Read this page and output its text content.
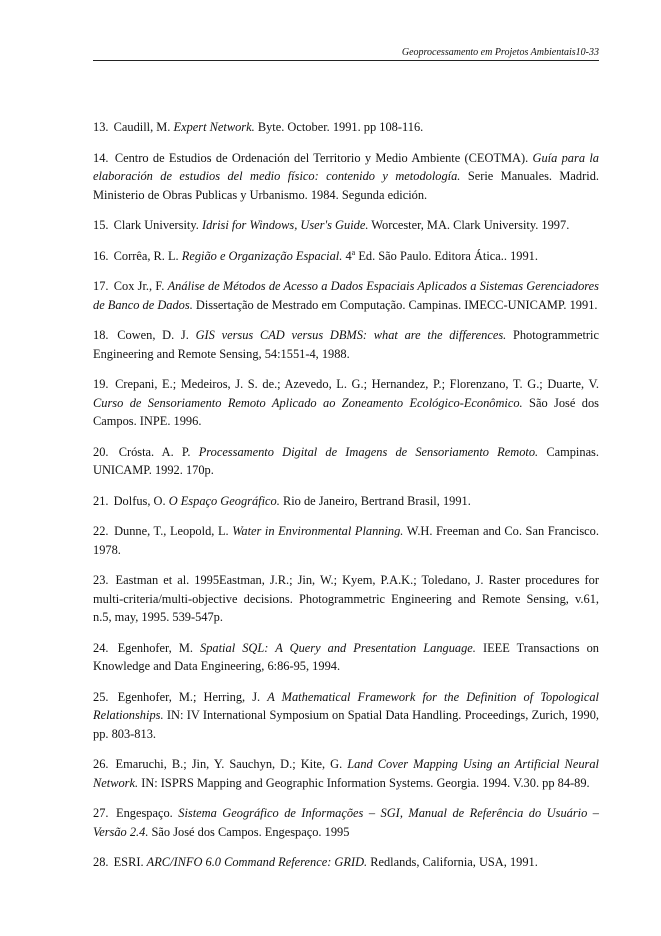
Geoprocessamento em Projetos Ambientais10-33
13. Caudill, M. Expert Network. Byte. October. 1991. pp 108-116.
14. Centro de Estudios de Ordenación del Territorio y Medio Ambiente (CEOTMA). Guía para la elaboración de estudios del medio físico: contenido y metodología. Serie Manuales. Madrid. Ministerio de Obras Publicas y Urbanismo. 1984. Segunda edición.
15. Clark University. Idrisi for Windows, User's Guide. Worcester, MA. Clark University. 1997.
16. Corrêa, R. L. Região e Organização Espacial. 4$^a$ Ed. São Paulo. Editora Ática.. 1991.
17. Cox Jr., F. Análise de Métodos de Acesso a Dados Espaciais Aplicados a Sistemas Gerenciadores de Banco de Dados. Dissertação de Mestrado em Computação. Campinas. IMECC-UNICAMP. 1991.
18. Cowen, D. J. GIS versus CAD versus DBMS: what are the differences. Photogrammetric Engineering and Remote Sensing, 54:1551-4, 1988.
19. Crepani, E.; Medeiros, J. S. de.; Azevedo, L. G.; Hernandez, P.; Florenzano, T. G.; Duarte, V. Curso de Sensoriamento Remoto Aplicado ao Zoneamento Ecológico-Econômico. São José dos Campos. INPE. 1996.
20. Crósta. A. P. Processamento Digital de Imagens de Sensoriamento Remoto. Campinas. UNICAMP. 1992. 170p.
21. Dolfus, O. O Espaço Geográfico. Rio de Janeiro, Bertrand Brasil, 1991.
22. Dunne, T., Leopold, L. Water in Environmental Planning. W.H. Freeman and Co. San Francisco. 1978.
23. Eastman et al. 1995Eastman, J.R.; Jin, W.; Kyem, P.A.K.; Toledano, J. Raster procedures for multi-criteria/multi-objective decisions. Photogrammetric Engineering and Remote Sensing, v.61, n.5, may, 1995. 539-547p.
24. Egenhofer, M. Spatial SQL: A Query and Presentation Language. IEEE Transactions on Knowledge and Data Engineering, 6:86-95, 1994.
25. Egenhofer, M.; Herring, J. A Mathematical Framework for the Definition of Topological Relationships. IN: IV International Symposium on Spatial Data Handling. Proceedings, Zurich, 1990, pp. 803-813.
26. Emaruchi, B.; Jin, Y. Sauchyn, D.; Kite, G. Land Cover Mapping Using an Artificial Neural Network. IN: ISPRS Mapping and Geographic Information Systems. Georgia. 1994. V.30. pp 84-89.
27. Engespaço. Sistema Geográfico de Informações – SGI, Manual de Referência do Usuário – Versão 2.4. São José dos Campos. Engespaço. 1995
28. ESRI. ARC/INFO 6.0 Command Reference: GRID. Redlands, California, USA, 1991.
